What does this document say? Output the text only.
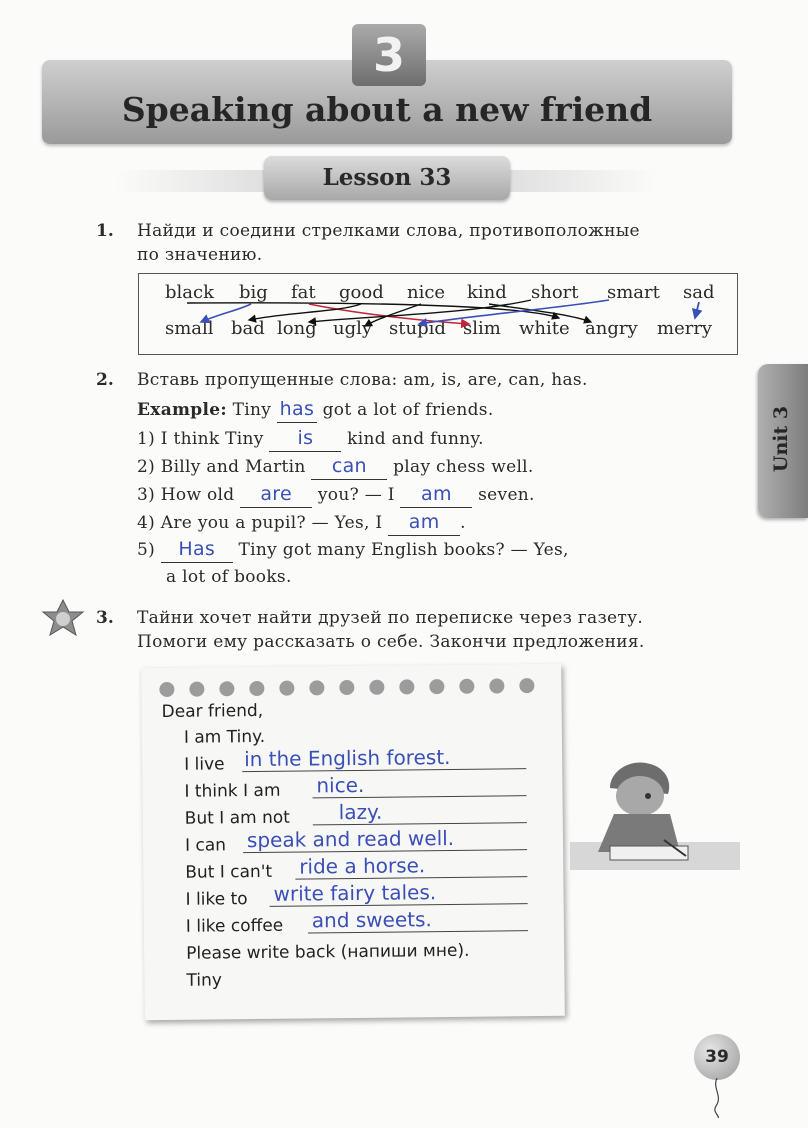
3
Speaking about a new friend
Lesson 33
Unit 3
1. Найди и соедини стрелками слова, противоположные
по значению.
black big fat good nice kind short smart sad
small bad long ugly stupid slim white angry merry
2. Вставь пропущенные слова: am, is, are, can, has.
Example: Tiny has got a lot of friends.
1) I think Tiny is kind and funny.
2) Billy and Martin can play chess well.
3) How old are you? — I am seven.
4) Are you a pupil? — Yes, I am .
5) Has Tiny got many English books? — Yes,
a lot of books.
3. Тайни хочет найти друзей по переписке через газету.
Помоги ему рассказать о себе. Закончи предложения.
Dear friend,
I am Tiny.
I live in the English forest.
I think I am nice.
But I am not lazy.
I can speak and read well.
But I can't ride a horse.
I like to write fairy tales.
I like coffee and sweets.
Please write back (напиши мне).
Tiny
39
